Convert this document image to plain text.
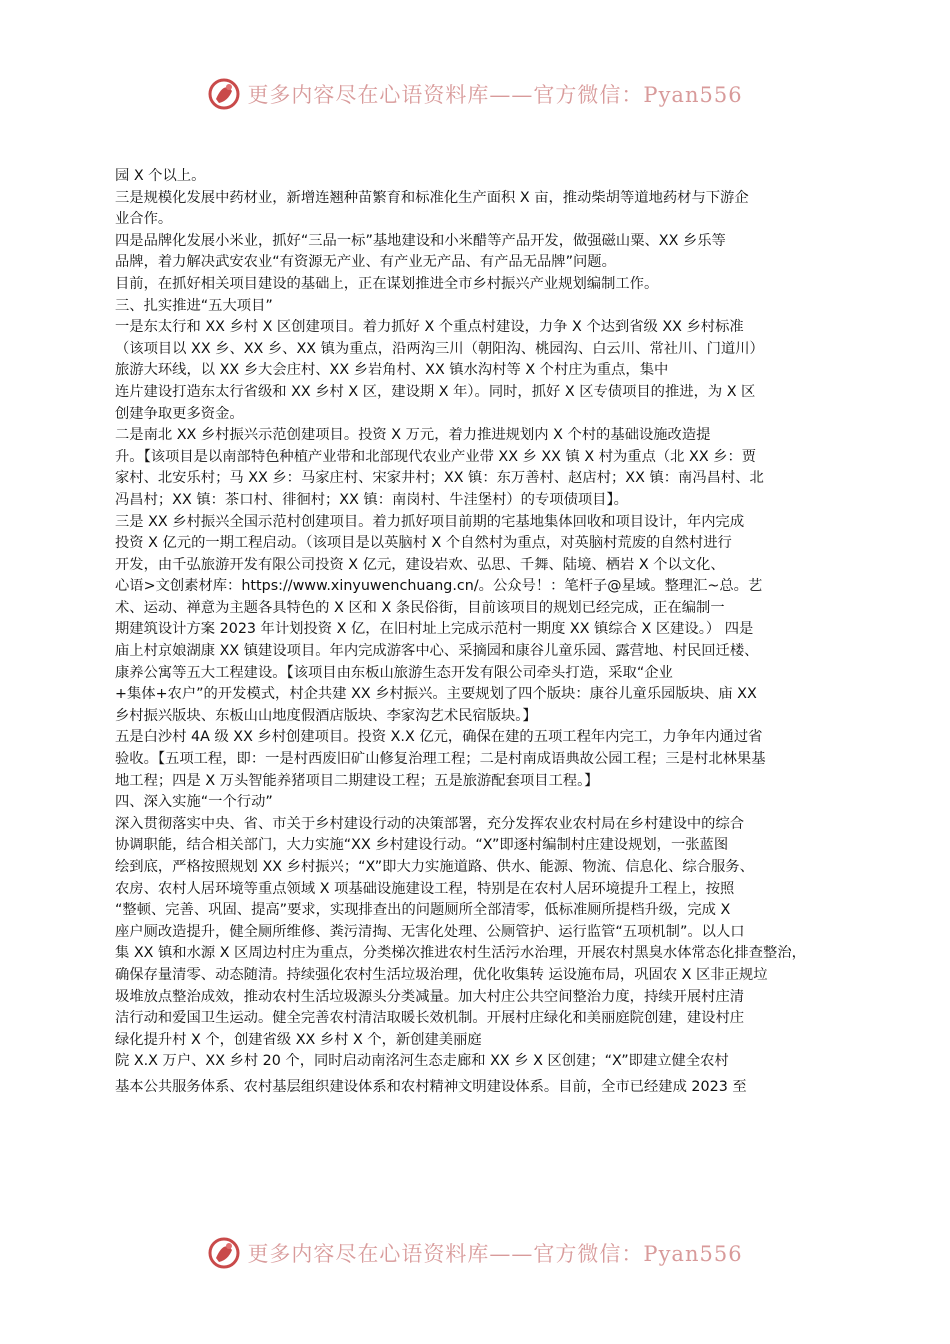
更多内容尽在心语资料库——官方微信：Pyan556
园 X 个以上。
三是规模化发展中药材业，新增连翘种苗繁育和标准化生产面积 X 亩，推动柴胡等道地药材与下游企
业合作。
四是品牌化发展小米业，抓好“三品一标”基地建设和小米醋等产品开发，做强磁山粟、XX 乡乐等
品牌，着力解决武安农业“有资源无产业、有产业无产品、有产品无品牌”问题。
目前，在抓好相关项目建设的基础上，正在谋划推进全市乡村振兴产业规划编制工作。
三、扎实推进“五大项目”
一是东太行和 XX 乡村 X 区创建项目。着力抓好 X 个重点村建设，力争 X 个达到省级 XX 乡村标准
（该项目以 XX 乡、XX 乡、XX 镇为重点，沿两沟三川（朝阳沟、桃园沟、白云川、常社川、门道川）
旅游大环线，以 XX 乡大会庄村、XX 乡岩角村、XX 镇水沟村等 X 个村庄为重点，集中
连片建设打造东太行省级和 XX 乡村 X 区，建设期 X 年）。同时，抓好 X 区专债项目的推进，为 X 区
创建争取更多资金。
二是南北 XX 乡村振兴示范创建项目。投资 X 万元，着力推进规划内 X 个村的基础设施改造提
升。【该项目是以南部特色种植产业带和北部现代农业产业带 XX 乡 XX 镇 X 村为重点（北 XX 乡：贾
家村、北安乐村；马 XX 乡：马家庄村、宋家井村；XX 镇：东万善村、赵店村；XX 镇：南冯昌村、北
冯昌村；XX 镇：茶口村、徘徊村；XX 镇：南岗村、牛洼堡村）的专项债项目】。
三是 XX 乡村振兴全国示范村创建项目。着力抓好项目前期的宅基地集体回收和项目设计，年内完成
投资 X 亿元的一期工程启动。（该项目是以英脑村 X 个自然村为重点，对英脑村荒废的自然村进行
开发，由千弘旅游开发有限公司投资 X 亿元，建设岩欢、弘思、千舞、陆境、栖岩 X 个以文化、
心语>文创素材库：https://www.xinyuwenchuang.cn/。公众号！：笔杆子@星域。整理汇~总。艺
术、运动、禅意为主题各具特色的 X 区和 X 条民俗街，目前该项目的规划已经完成，正在编制一
期建筑设计方案 2023 年计划投资 X 亿，在旧村址上完成示范村一期度 XX 镇综合 X 区建设。） 四是
庙上村京娘湖康 XX 镇建设项目。年内完成游客中心、采摘园和康谷儿童乐园、露营地、村民回迁楼、
康养公寓等五大工程建设。【该项目由东板山旅游生态开发有限公司牵头打造，采取“企业
+集体+农户”的开发模式，村企共建 XX 乡村振兴。主要规划了四个版块：康谷儿童乐园版块、庙 XX
乡村振兴版块、东板山山地度假酒店版块、李家沟艺术民宿版块。】
五是白沙村 4A 级 XX 乡村创建项目。投资 X.X 亿元，确保在建的五项工程年内完工，力争年内通过省
验收。【五项工程，即：一是村西废旧矿山修复治理工程；二是村南成语典故公园工程；三是村北林果基
地工程；四是 X 万头智能养猪项目二期建设工程；五是旅游配套项目工程。】
四、深入实施“一个行动”
深入贯彻落实中央、省、市关于乡村建设行动的决策部署，充分发挥农业农村局在乡村建设中的综合
协调职能，结合相关部门，大力实施“XX 乡村建设行动。“X”即逐村编制村庄建设规划，一张蓝图
绘到底，严格按照规划 XX 乡村振兴；“X”即大力实施道路、供水、能源、物流、信息化、综合服务、
农房、农村人居环境等重点领域 X 项基础设施建设工程，特别是在农村人居环境提升工程上，按照
“整顿、完善、巩固、提高”要求，实现排查出的问题厕所全部清零，低标准厕所提档升级，完成 X
座户厕改造提升，健全厕所维修、粪污清掏、无害化处理、公厕管护、运行监管“五项机制”。以人口
集 XX 镇和水源 X 区周边村庄为重点，分类梯次推进农村生活污水治理，开展农村黑臭水体常态化排查整治，
确保存量清零、动态随清。持续强化农村生活垃圾治理，优化收集转 运设施布局，巩固农 X 区非正规垃
圾堆放点整治成效，推动农村生活垃圾源头分类减量。加大村庄公共空间整治力度，持续开展村庄清
洁行动和爱国卫生运动。健全完善农村清洁取暖长效机制。开展村庄绿化和美丽庭院创建，建设村庄
绿化提升村 X 个，创建省级 XX 乡村 X 个，新创建美丽庭
院 X.X 万户、XX 乡村 20 个，同时启动南洺河生态走廊和 XX 乡 X 区创建；“X”即建立健全农村
基本公共服务体系、农村基层组织建设体系和农村精神文明建设体系。目前，全市已经建成 2023 至
更多内容尽在心语资料库——官方微信：Pyan556
